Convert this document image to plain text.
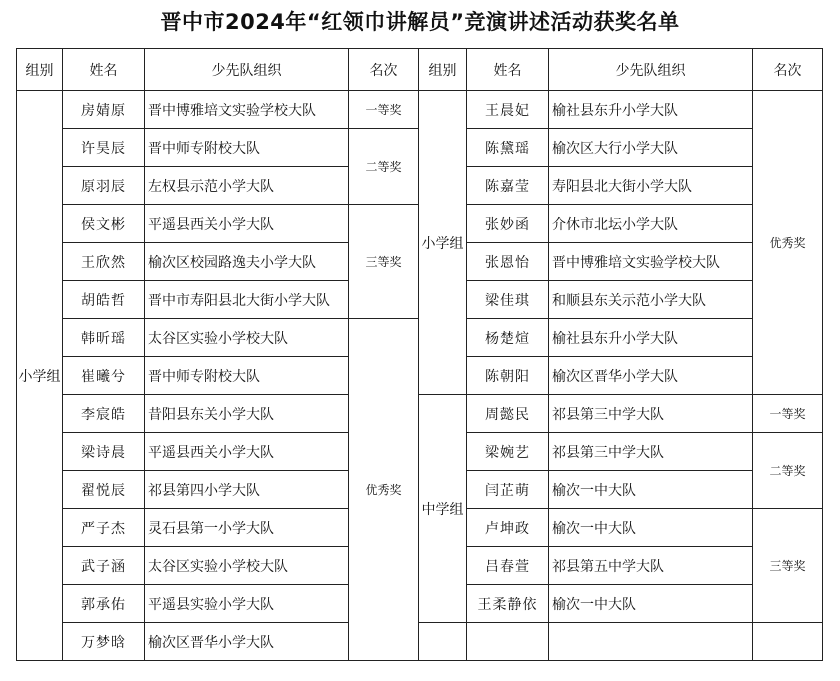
晋中市2024年“红领巾讲解员”竞演讲述活动获奖名单
组别	姓名	少先队组织	名次	组别	姓名	少先队组织	名次
小学组	房婧原	晋中博雅培文实验学校大队	一等奖	小学组	王晨妃	榆社县东升小学大队	优秀奖
	许昊辰	晋中师专附校大队	二等奖		陈黛瑶	榆次区大行小学大队	
	原羽辰	左权县示范小学大队			陈嘉莹	寿阳县北大街小学大队	
	侯文彬	平遥县西关小学大队	三等奖		张妙函	介休市北坛小学大队	
	王欣然	榆次区校园路逸夫小学大队			张恩怡	晋中博雅培文实验学校大队	
	胡皓哲	晋中市寿阳县北大街小学大队			梁佳琪	和顺县东关示范小学大队	
	韩昕瑶	太谷区实验小学校大队	优秀奖		杨楚煊	榆社县东升小学大队	
	崔曦兮	晋中师专附校大队			陈朝阳	榆次区晋华小学大队	
	李宸皓	昔阳县东关小学大队		中学组	周懿民	祁县第三中学大队	一等奖
	梁诗晨	平遥县西关小学大队			梁婉艺	祁县第三中学大队	二等奖
	翟悦辰	祁县第四小学大队			闫芷萌	榆次一中大队	
	严子杰	灵石县第一小学大队			卢坤政	榆次一中大队	三等奖
	武子涵	太谷区实验小学校大队			吕春萱	祁县第五中学大队	
	郭承佑	平遥县实验小学大队			王柔静依	榆次一中大队	
	万梦晗	榆次区晋华小学大队					
